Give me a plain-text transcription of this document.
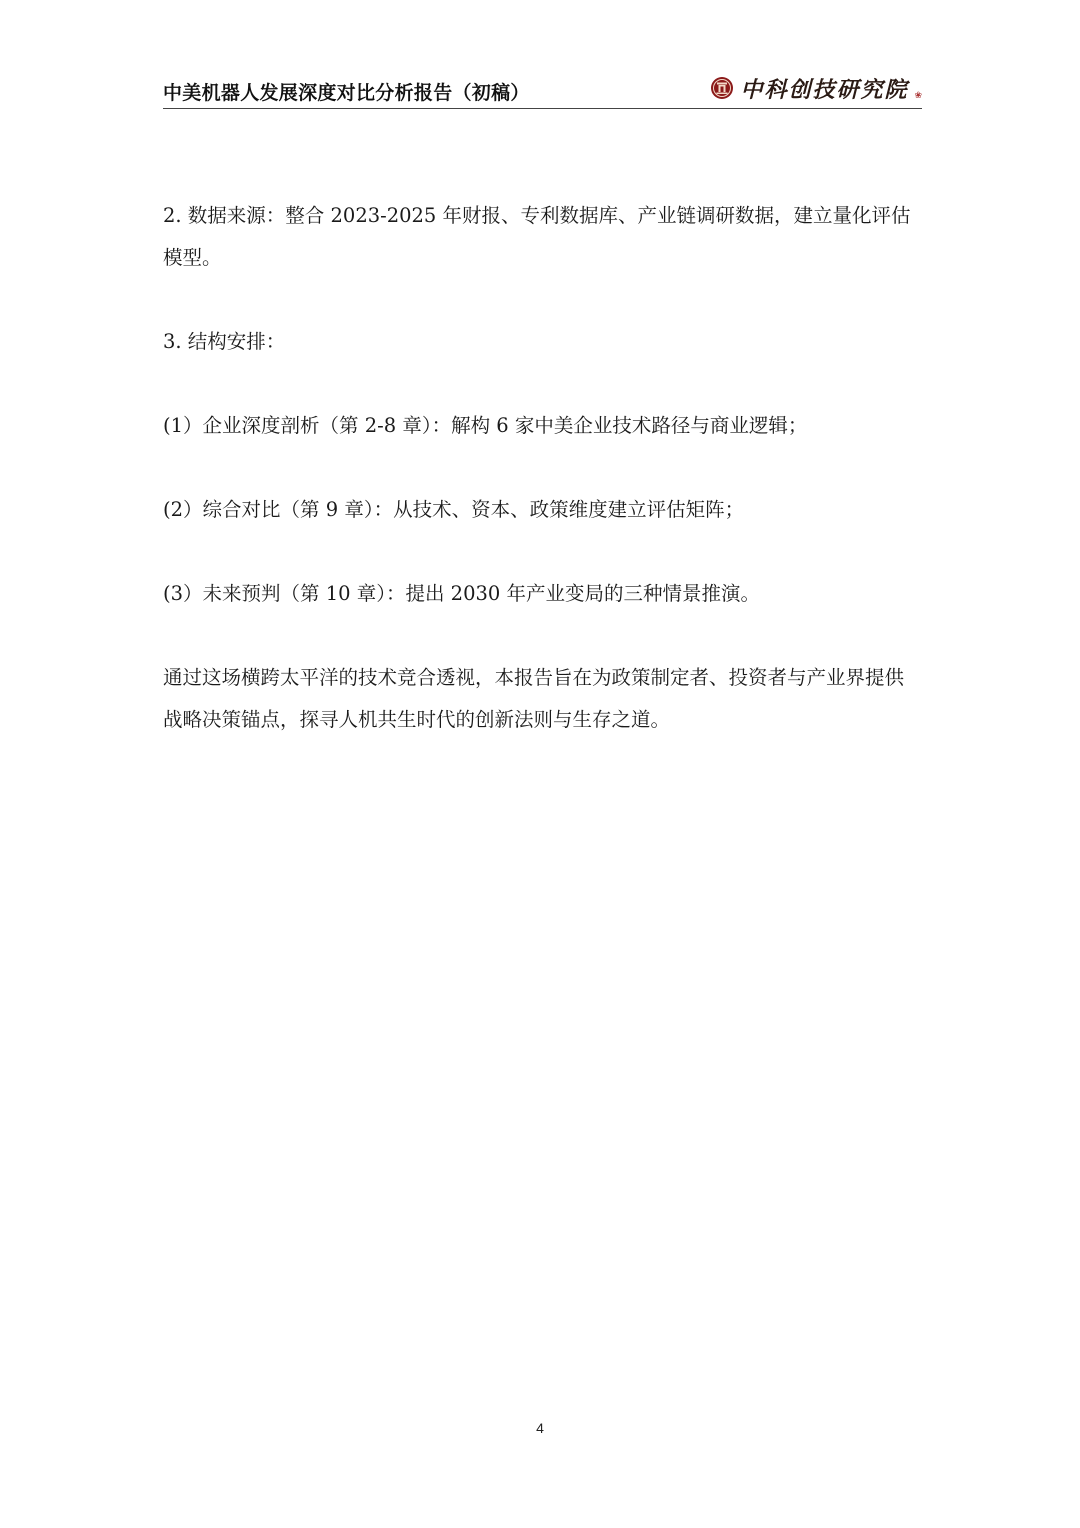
中美机器人发展深度对比分析报告（初稿）	中科创技研究院 ❀

2. 数据来源：整合 2023-2025 年财报、专利数据库、产业链调研数据，建立量化评估模型。

3. 结构安排：

(1）企业深度剖析（第 2-8 章）：解构 6 家中美企业技术路径与商业逻辑；

(2）综合对比（第 9 章）：从技术、资本、政策维度建立评估矩阵；

(3）未来预判（第 10 章）：提出 2030 年产业变局的三种情景推演。

通过这场横跨太平洋的技术竞合透视，本报告旨在为政策制定者、投资者与产业界提供战略决策锚点，探寻人机共生时代的创新法则与生存之道。

4
